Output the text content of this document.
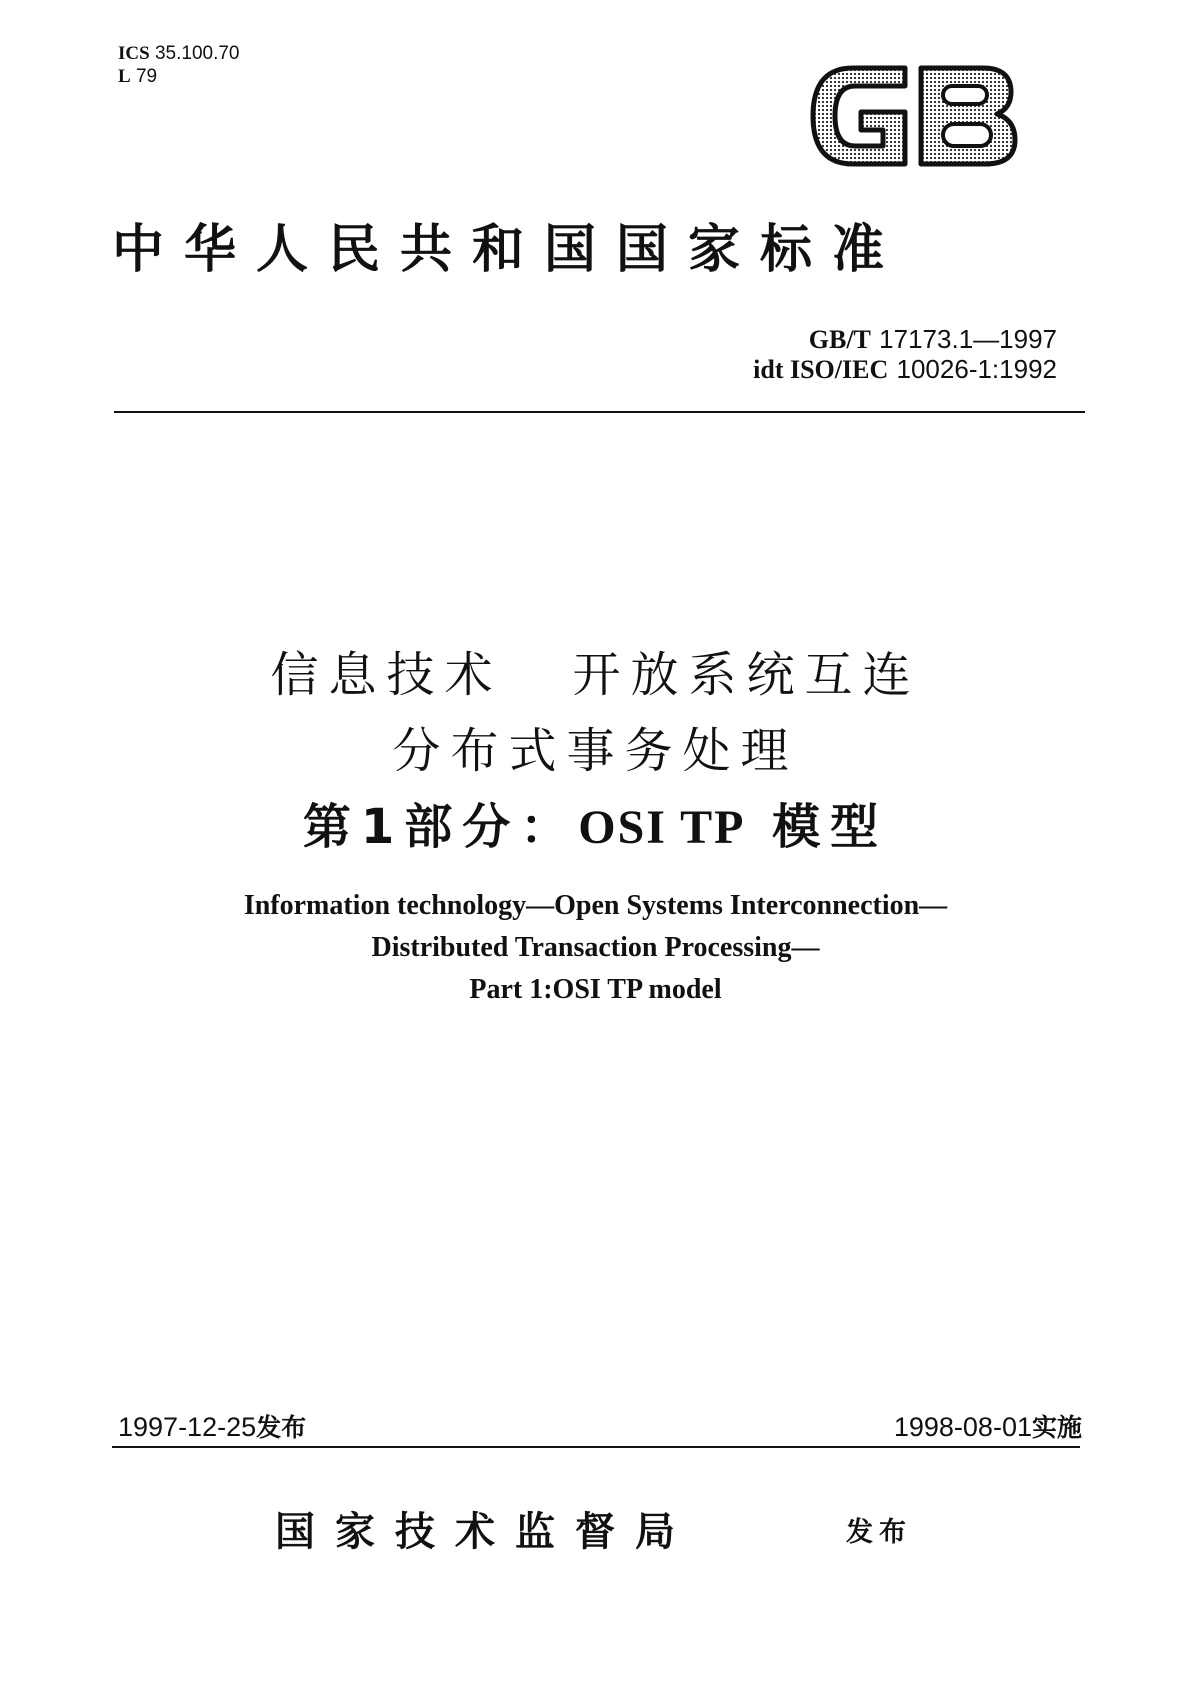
ICS 35.100.70
L 79
中华人民共和国国家标准
GB/T 17173.1—1997
idt ISO/IEC 10026-1:1992
信息技术 开放系统互连
分布式事务处理
第1部分：OSI TP 模型
Information technology—Open Systems Interconnection—
Distributed Transaction Processing—
Part 1:OSI TP model
1997-12-25发布	1998-08-01实施
国家技术监督局	发布
